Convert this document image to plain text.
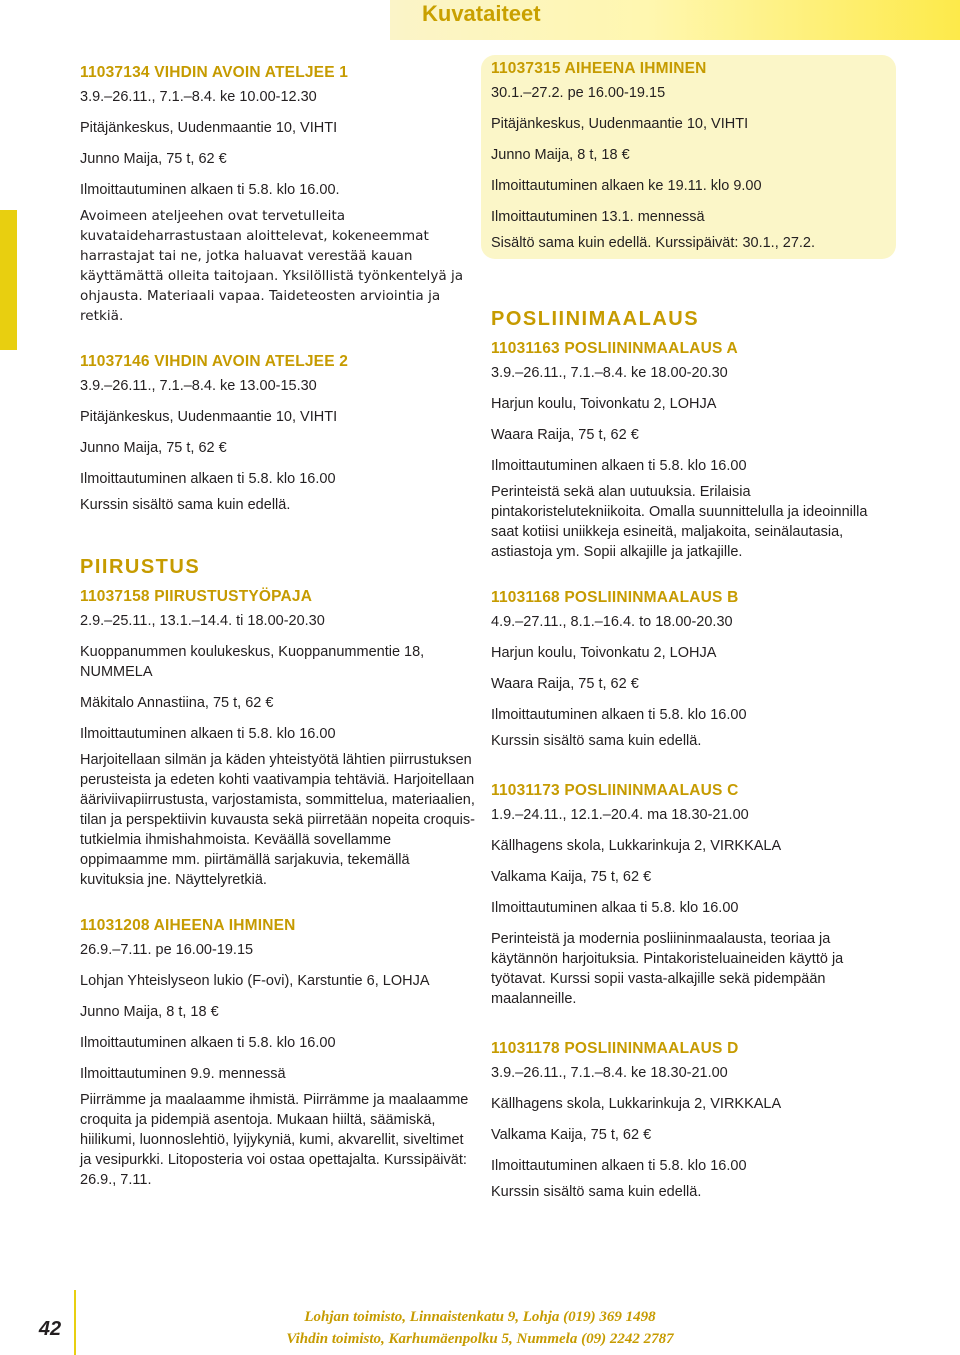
Kuvataiteet

11037134 VIHDIN AVOIN ATELJEE 1

3.9.–26.11., 7.1.–8.4. ke 10.00-12.30

Pitäjänkeskus, Uudenmaantie 10, VIHTI

Junno Maija, 75 t, 62 €

Ilmoittautuminen alkaen ti 5.8. klo 16.00.

Avoimeen ateljeehen ovat tervetulleita kuvataideharrastustaan aloittelevat, kokeneemmat harrastajat tai ne, jotka haluavat verestää kauan käyttämättä olleita taitojaan. Yksilöllistä työnkentelyä ja ohjausta. Materiaali vapaa. Taideteosten arviointia ja retkiä.

11037146 VIHDIN AVOIN ATELJEE 2

3.9.–26.11., 7.1.–8.4. ke 13.00-15.30

Pitäjänkeskus, Uudenmaantie 10, VIHTI

Junno Maija, 75 t, 62 €

Ilmoittautuminen alkaen ti 5.8. klo 16.00

Kurssin sisältö sama kuin edellä.

PIIRUSTUS

11037158 PIIRUSTUSTYÖPAJA

2.9.–25.11., 13.1.–14.4. ti 18.00-20.30

Kuoppanummen koulukeskus, Kuoppanummentie 18, NUMMELA

Mäkitalo Annastiina, 75 t, 62 €

Ilmoittautuminen alkaen ti 5.8. klo 16.00

Harjoitellaan silmän ja käden yhteistyötä lähtien piirrustuksen perusteista ja edeten kohti vaativampia tehtäviä. Harjoitellaan ääriviivapiirrustusta, varjostamista, sommittelua, materiaalien, tilan ja perspektiivin kuvausta sekä piirretään nopeita croquis-tutkielmia ihmishahmoista. Keväällä sovellamme oppimaamme mm. piirtämällä sarjakuvia, tekemällä kuvituksia jne. Näyttelyretkiä.

11031208 AIHEENA IHMINEN

26.9.–7.11. pe 16.00-19.15

Lohjan Yhteislyseon lukio (F-ovi), Karstuntie 6, LOHJA

Junno Maija, 8 t, 18 €

Ilmoittautuminen alkaen ti 5.8. klo 16.00

Ilmoittautuminen 9.9. mennessä

Piirrämme ja maalaamme ihmistä. Piirrämme ja maalaamme croquita ja pidempiä asentoja. Mukaan hiiltä, säämiskä, hiilikumi, luonnoslehtiö, lyijykyniä, kumi, akvarellit, siveltimet ja vesipurkki. Litoposteria voi ostaa opettajalta. Kurssipäivät: 26.9., 7.11.

11037315 AIHEENA IHMINEN

30.1.–27.2. pe 16.00-19.15

Pitäjänkeskus, Uudenmaantie 10, VIHTI

Junno Maija, 8 t, 18 €

Ilmoittautuminen alkaen ke 19.11. klo 9.00

Ilmoittautuminen 13.1. mennessä

Sisältö sama kuin edellä. Kurssipäivät: 30.1., 27.2.

POSLIINIMAALAUS

11031163 POSLIININMAALAUS A

3.9.–26.11., 7.1.–8.4. ke 18.00-20.30

Harjun koulu, Toivonkatu 2, LOHJA

Waara Raija, 75 t, 62 €

Ilmoittautuminen alkaen ti 5.8. klo 16.00

Perinteistä sekä alan uutuuksia. Erilaisia pintakoristelutekniikoita. Omalla suunnittelulla ja ideoinnilla saat kotiisi uniikkeja esineitä, maljakoita, seinälautasia, astiastoja ym. Sopii alkajille ja jatkajille.

11031168 POSLIININMAALAUS B

4.9.–27.11., 8.1.–16.4. to 18.00-20.30

Harjun koulu, Toivonkatu 2, LOHJA

Waara Raija, 75 t, 62 €

Ilmoittautuminen alkaen ti 5.8. klo 16.00

Kurssin sisältö sama kuin edellä.

11031173 POSLIININMAALAUS C

1.9.–24.11., 12.1.–20.4. ma 18.30-21.00

Källhagens skola, Lukkarinkuja 2, VIRKKALA

Valkama Kaija, 75 t, 62 €

Ilmoittautuminen alkaa ti 5.8. klo 16.00

Perinteistä ja modernia posliininmaalausta, teoriaa ja käytännön harjoituksia. Pintakoristeluaineiden käyttö ja työtavat. Kurssi sopii vasta-alkajille sekä pidempään maalanneille.

11031178 POSLIININMAALAUS D

3.9.–26.11., 7.1.–8.4. ke 18.30-21.00

Källhagens skola, Lukkarinkuja 2, VIRKKALA

Valkama Kaija, 75 t, 62 €

Ilmoittautuminen alkaen ti 5.8. klo 16.00

Kurssin sisältö sama kuin edellä.

42
Lohjan toimisto, Linnaistenkatu 9, Lohja (019) 369 1498
Vihdin toimisto, Karhumäenpolku 5, Nummela (09) 2242 2787
